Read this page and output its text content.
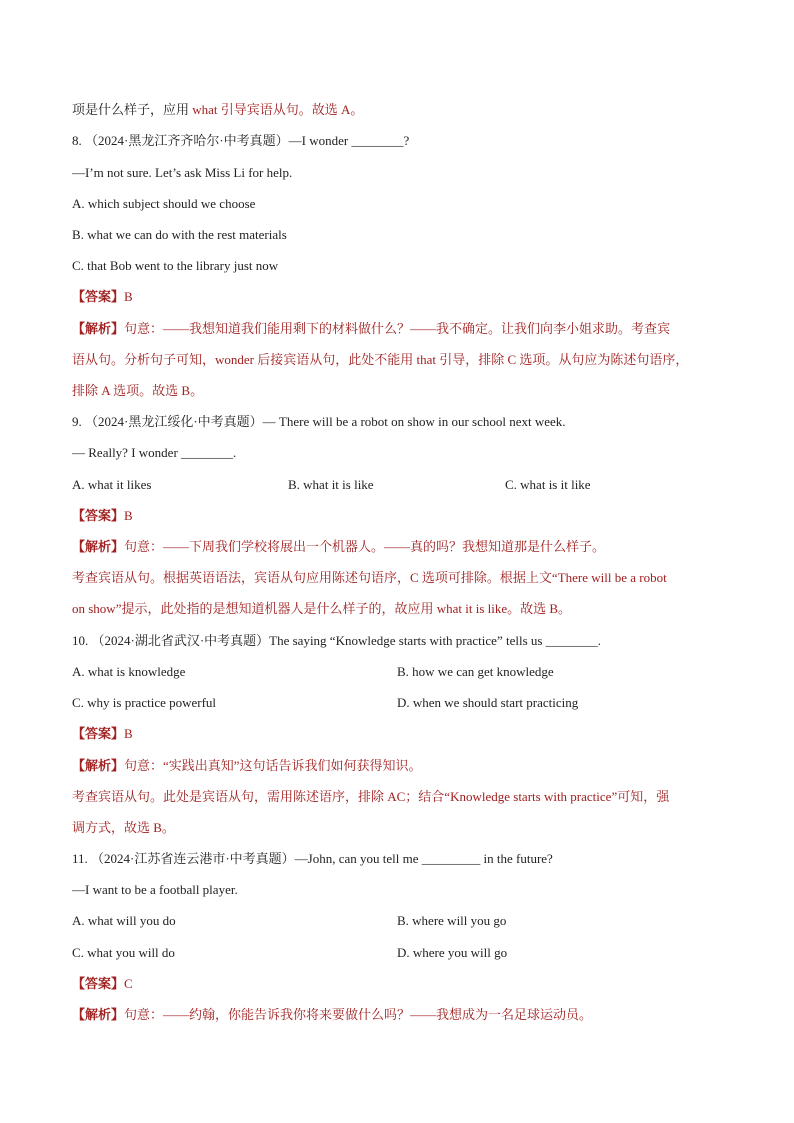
项是什么样子，应用 what 引导宾语从句。故选 A。
8. （2024·黑龙江齐齐哈尔·中考真题）—I wonder ________?
—I’m not sure. Let’s ask Miss Li for help.
A. which subject should we choose
B. what we can do with the rest materials
C. that Bob went to the library just now
【答案】B
【解析】句意：——我想知道我们能用剩下的材料做什么？——我不确定。让我们向李小姐求助。考查宾
语从句。分析句子可知，wonder 后接宾语从句，此处不能用 that 引导，排除 C 选项。从句应为陈述句语序，
排除 A 选项。故选 B。
9. （2024·黑龙江绥化·中考真题）— There will be a robot on show in our school next week.
— Really? I wonder ________.
A. what it likes	B. what it is like	C. what is it like
【答案】B
【解析】句意：——下周我们学校将展出一个机器人。——真的吗？我想知道那是什么样子。
考查宾语从句。根据英语语法，宾语从句应用陈述句语序，C 选项可排除。根据上文“There will be a robot
on show”提示，此处指的是想知道机器人是什么样子的，故应用 what it is like。故选 B。
10. （2024·湖北省武汉·中考真题）The saying “Knowledge starts with practice” tells us ________.
A. what is knowledge	B. how we can get knowledge
C. why is practice powerful	D. when we should start practicing
【答案】B
【解析】句意：“实践出真知”这句话告诉我们如何获得知识。
考查宾语从句。此处是宾语从句，需用陈述语序，排除 AC；结合“Knowledge starts with practice”可知，强
调方式，故选 B。
11. （2024·江苏省连云港市·中考真题）—John, can you tell me _________ in the future?
—I want to be a football player.
A. what will you do	B. where will you go
C. what you will do	D. where you will go
【答案】C
【解析】句意：——约翰，你能告诉我你将来要做什么吗？——我想成为一名足球运动员。
